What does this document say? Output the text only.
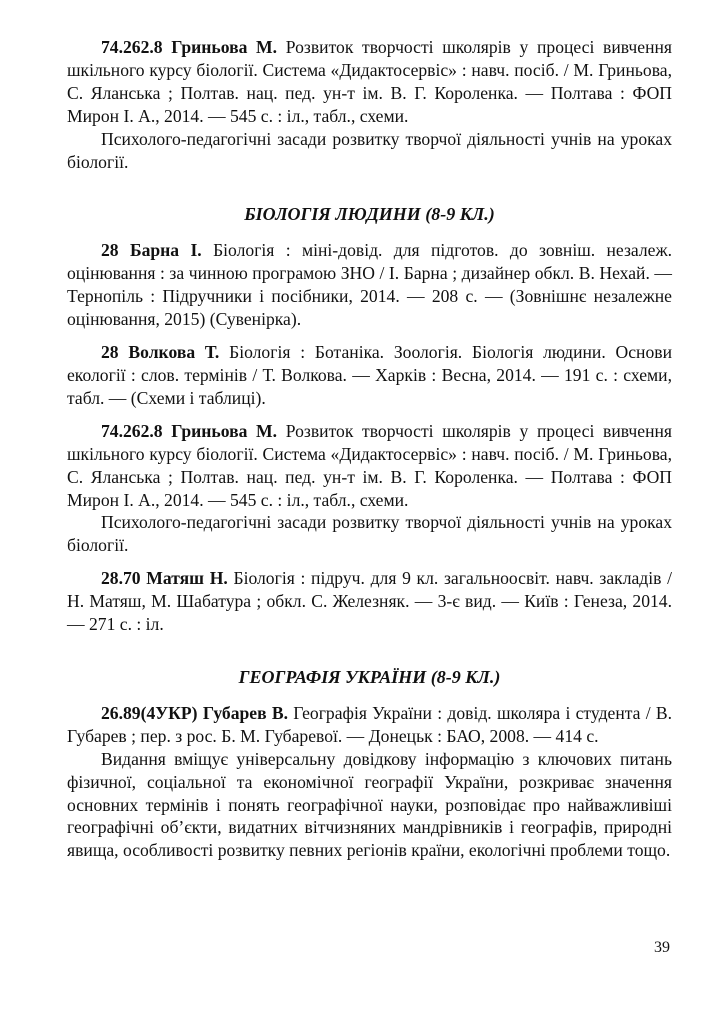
74.262.8 Гриньова М. Розвиток творчості школярів у процесі вивчення шкільного курсу біології. Система «Дидактосервіс» : навч. посіб. / М. Гриньова, С. Яланська ; Полтав. нац. пед. ун-т ім. В. Г. Короленка. — Полтава : ФОП Мирон І. А., 2014. — 545 с. : іл., табл., схеми.

Психолого-педагогічні засади розвитку творчої діяльності учнів на уроках біології.

БІОЛОГІЯ ЛЮДИНИ (8-9 КЛ.)

28 Барна І. Біологія : міні-довід. для підготов. до зовніш. незалеж. оцінювання : за чинною програмою ЗНО / І. Барна ; дизайнер обкл. В. Нехай. — Тернопіль : Підручники і посібники, 2014. — 208 с. — (Зовнішнє незалежне оцінювання, 2015) (Сувенірка).

28 Волкова Т. Біологія : Ботаніка. Зоологія. Біологія людини. Основи екології : слов. термінів / Т. Волкова. — Харків : Весна, 2014. — 191 с. : схеми, табл. — (Схеми і таблиці).

74.262.8 Гриньова М. Розвиток творчості школярів у процесі вивчення шкільного курсу біології. Система «Дидактосервіс» : навч. посіб. / М. Гриньова, С. Яланська ; Полтав. нац. пед. ун-т ім. В. Г. Короленка. — Полтава : ФОП Мирон І. А., 2014. — 545 с. : іл., табл., схеми.

Психолого-педагогічні засади розвитку творчої діяльності учнів на уроках біології.

28.70 Матяш Н. Біологія : підруч. для 9 кл. загальноосвіт. навч. закладів / Н. Матяш, М. Шабатура ; обкл. С. Железняк. — 3-є вид. — Київ : Генеза, 2014. — 271 с. : іл.

ГЕОГРАФІЯ УКРАЇНИ (8-9 КЛ.)

26.89(4УКР) Губарев В. Географія України : довід. школяра і студента / В. Губарев ; пер. з рос. Б. М. Губаревої. — Донецьк : БАО, 2008. — 414 с.

Видання вміщує універсальну довідкову інформацію з ключових питань фізичної, соціальної та економічної географії України, розкриває значення основних термінів і понять географічної науки, розповідає про найважливіші географічні об’єкти, видатних вітчизняних мандрівників і географів, природні явища, особливості розвитку певних регіонів країни, екологічні проблеми тощо.

39
